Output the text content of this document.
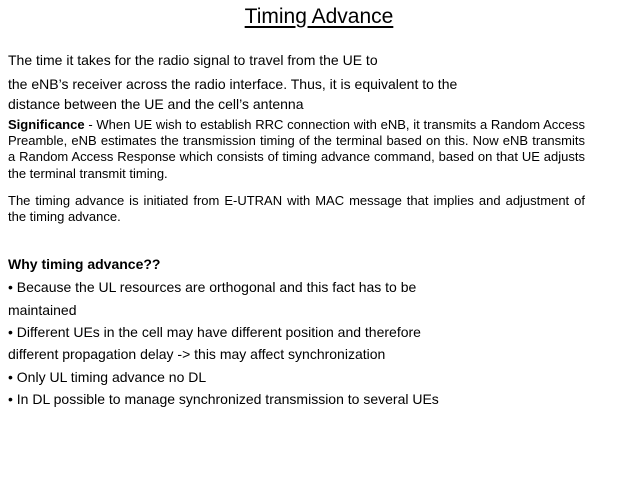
Timing Advance
The time it takes for the radio signal to travel from the UE to
the eNB’s receiver across the radio interface. Thus, it is equivalent to the
distance between the UE and the cell’s antenna
Significance - When UE wish to establish RRC connection with eNB, it transmits a Random Access Preamble, eNB estimates the transmission timing of the terminal based on this. Now eNB transmits a Random Access Response which consists of timing advance command, based on that UE adjusts the terminal transmit timing.
The timing advance is initiated from E-UTRAN with MAC message that implies and adjustment of the timing advance.
Why timing advance??
• Because the UL resources are orthogonal and this fact has to be
maintained
• Different UEs in the cell may have different position and therefore
different propagation delay -> this may affect synchronization
• Only UL timing advance no DL
• In DL possible to manage synchronized transmission to several UEs
